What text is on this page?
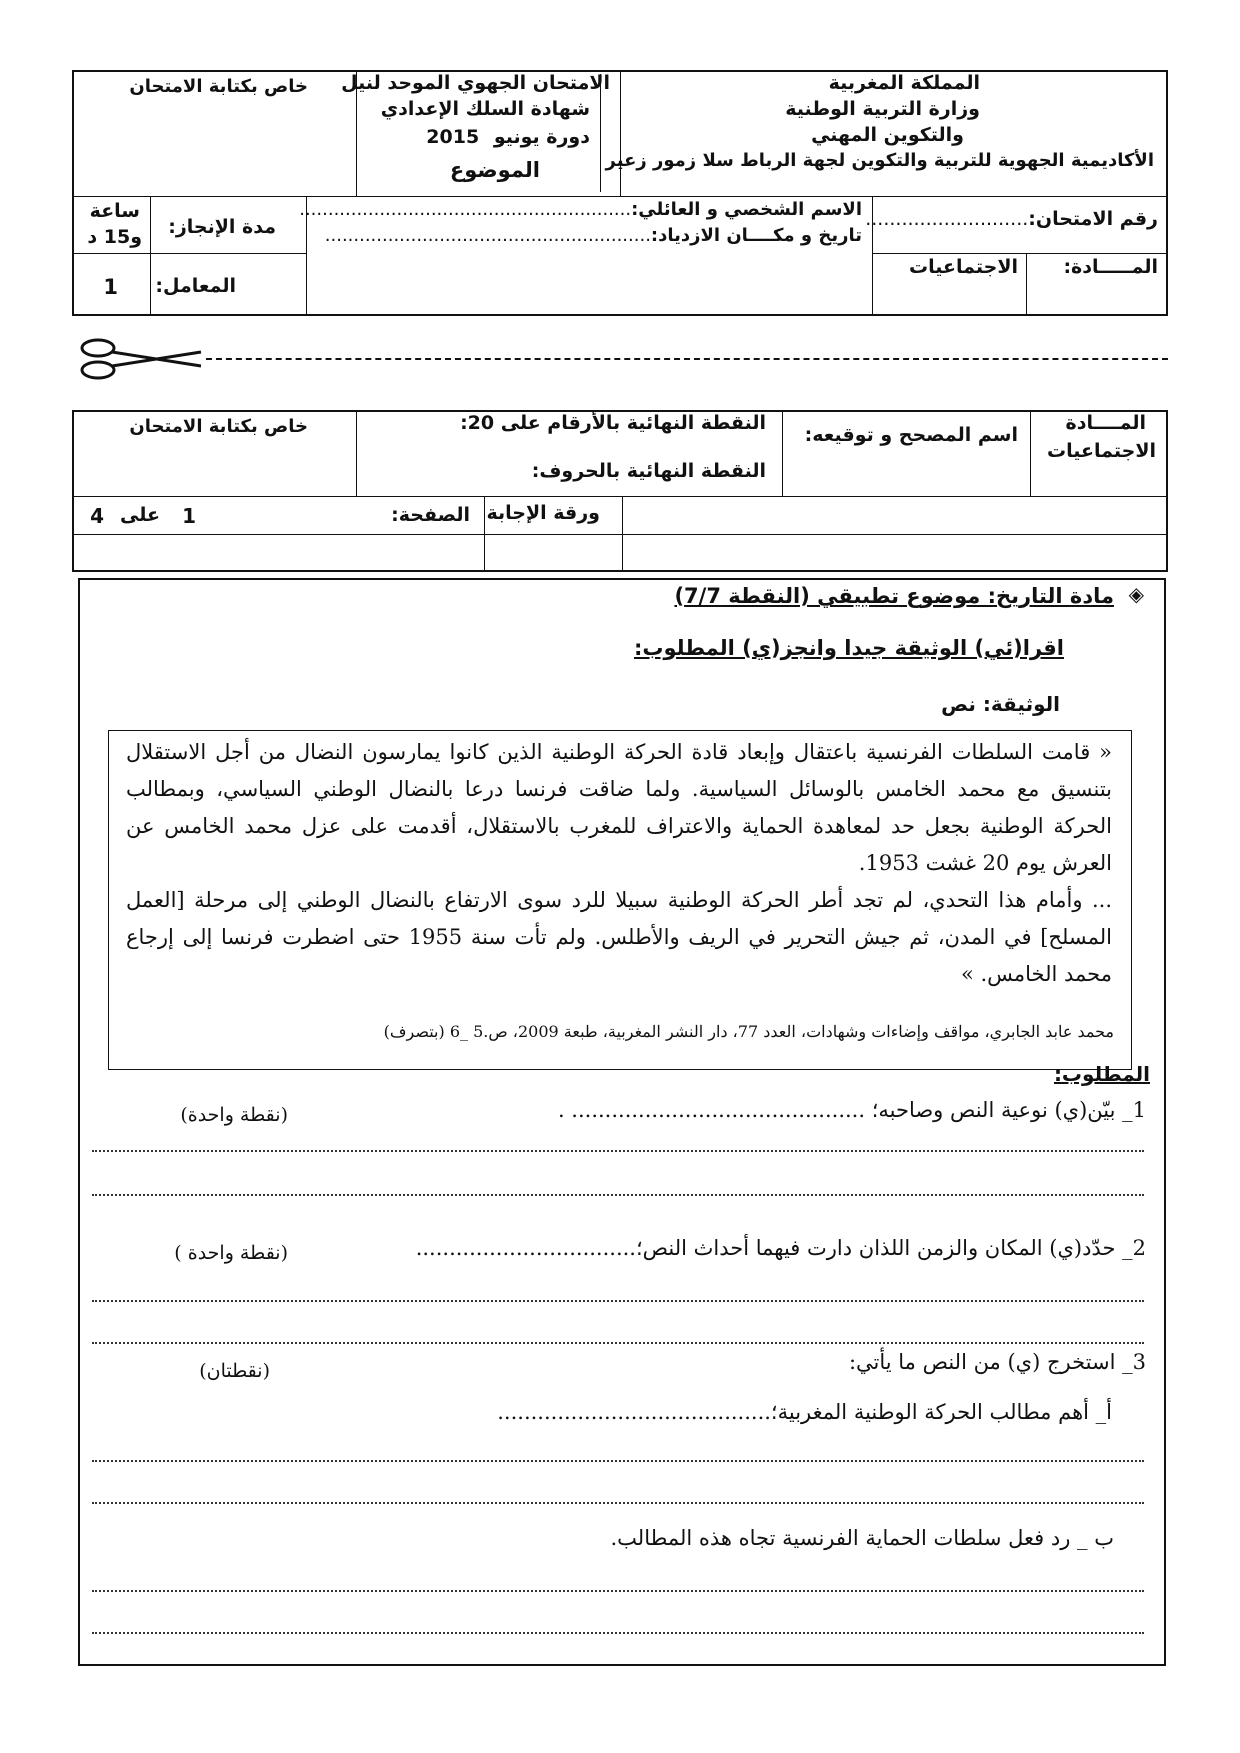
المملكة المغربية
وزارة التربية الوطنية
والتكوين المهني
الأكاديمية الجهوية للتربية والتكوين لجهة الرباط سلا زمور زعير
الامتحان الجهوي الموحد لنيل
شهادة السلك الإعدادي
دورة يونيو 2015
الموضوع
خاص بكتابة الامتحان
رقم الامتحان:...........................
الاسم الشخصي و العائلي:..........................................................
تاريخ و مكــــان الازدياد:.........................................................
مدة الإنجاز:
ساعة
و15 د
المـــــادة:
الاجتماعيات
المعامل:
1
المــــادة
الاجتماعيات
اسم المصحح و توقيعه:
النقطة النهائية بالأرقام على 20:
النقطة النهائية بالحروف:
خاص بكتابة الامتحان
ورقة الإجابة
الصفحة:
1
على
4
◈
مادة التاريخ: موضوع تطبيقي (النقطة 7/7)
اقرا(ئي) الوثيقة جيدا وانجز(ي) المطلوب:
الوثيقة: نص
« قامت السلطات الفرنسية باعتقال وإبعاد قادة الحركة الوطنية الذين كانوا يمارسون النضال من أجل الاستقلال بتنسيق مع محمد الخامس بالوسائل السياسية. ولما ضاقت فرنسا درعا بالنضال الوطني السياسي، وبمطالب الحركة الوطنية بجعل حد لمعاهدة الحماية والاعتراف للمغرب بالاستقلال، أقدمت على عزل محمد الخامس عن العرش يوم 20 غشت 1953.
... وأمام هذا التحدي، لم تجد أطر الحركة الوطنية سبيلا للرد سوى الارتفاع بالنضال الوطني إلى مرحلة [العمل المسلح] في المدن، ثم جيش التحرير في الريف والأطلس. ولم تأت سنة 1955 حتى اضطرت فرنسا إلى إرجاع محمد الخامس. »
محمد عابد الجابري، مواقف وإضاءات وشهادات، العدد 77، دار النشر المغربية، طبعة 2009، ص.5 _6 (بتصرف)
المطلوب:
1_ بيّن(ي) نوعية النص وصاحبه؛ ............................................ .
(نقطة واحدة)
2_ حدّد(ي) المكان والزمن اللذان دارت فيهما أحداث النص؛.................................
(نقطة واحدة )
3_ استخرج (ي) من النص ما يأتي:
(نقطتان)
أ_ أهم مطالب الحركة الوطنية المغربية؛.........................................
ب _ رد فعل سلطات الحماية الفرنسية تجاه هذه المطالب.
